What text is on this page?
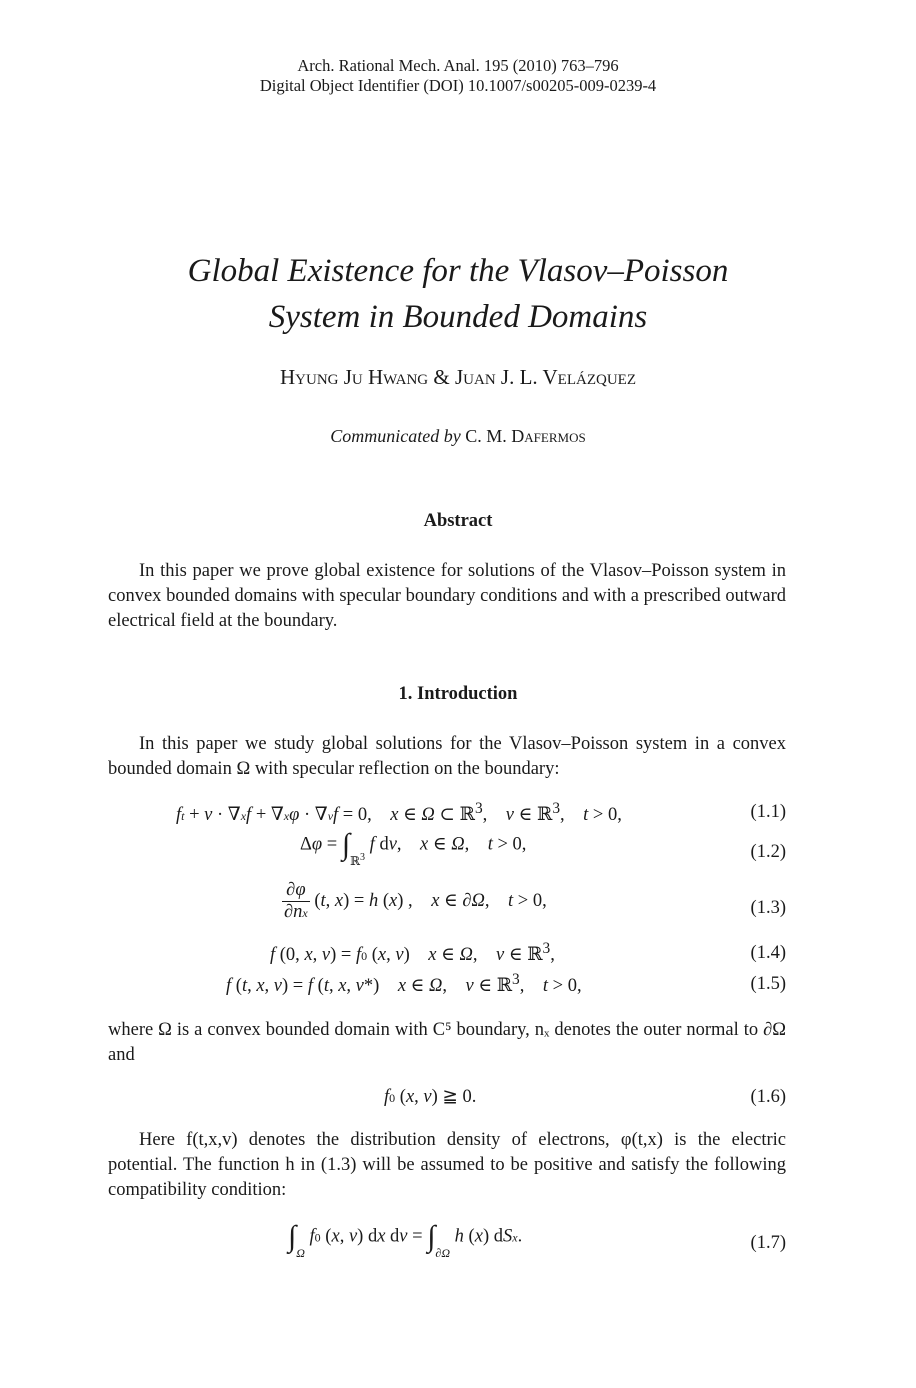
Arch. Rational Mech. Anal. 195 (2010) 763–796
Digital Object Identifier (DOI) 10.1007/s00205-009-0239-4
Global Existence for the Vlasov–Poisson
System in Bounded Domains
Hyung Ju Hwang & Juan J. L. Velázquez
Communicated by C. M. Dafermos
Abstract
In this paper we prove global existence for solutions of the Vlasov–Poisson system in convex bounded domains with specular boundary conditions and with a prescribed outward electrical field at the boundary.
1. Introduction
In this paper we study global solutions for the Vlasov–Poisson system in a convex bounded domain Ω with specular reflection on the boundary:
ft + v · ∇xf + ∇xφ · ∇vf = 0,    x ∈ Ω ⊂ ℝ$^3$,    v ∈ ℝ$^3$,    t > 0,	(1.1)
$\Delta\varphi = \int_{ℝ^3}$ f dv,    x ∈ Ω,    t > 0,	(1.2)
$\frac{\partial\varphi}{\partial nx} (t$, x) = h (x) ,    x ∈ ∂Ω,    t > 0,	(1.3)
f (0, x, v) = f0 (x, v)    x ∈ Ω,    v ∈ ℝ$^3$,	(1.4)
f (t, x, v) = f (t, x, v*)    x ∈ Ω,    v ∈ ℝ$^3$,    t > 0,	(1.5)
where Ω is a convex bounded domain with C⁵ boundary, nₓ denotes the outer normal to ∂Ω and
f0 (x, v) ≧ 0.	(1.6)
Here f(t,x,v) denotes the distribution density of electrons, φ(t,x) is the electric potential. The function h in (1.3) will be assumed to be positive and satisfy the following compatibility condition:
$\int_\Omega$ f0 (x, v) dx dv = $\int_{\partial\Omega}$ h (x) dSx.	(1.7)
